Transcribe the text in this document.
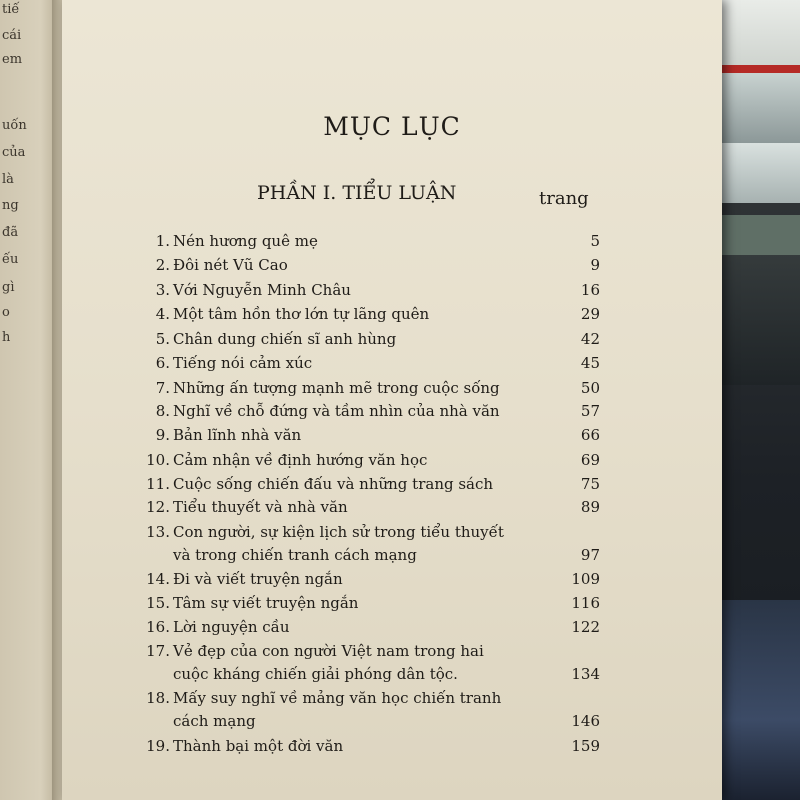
tiế
cái
em
uốn
của
là
ng
đã
ếu
gì
o
h
MỤC LỤC
PHẦN I. TIỂU LUẬN	trang
1. Nén hương quê mẹ	5
2. Đôi nét Vũ Cao	9
3. Với Nguyễn Minh Châu	16
4. Một tâm hồn thơ lớn tự lãng quên	29
5. Chân dung chiến sĩ anh hùng	42
6. Tiếng nói cảm xúc	45
7. Những ấn tượng mạnh mẽ trong cuộc sống	50
8. Nghĩ về chỗ đứng và tầm nhìn của nhà văn	57
9. Bản lĩnh nhà văn	66
10. Cảm nhận về định hướng văn học	69
11. Cuộc sống chiến đấu và những trang sách	75
12. Tiểu thuyết và nhà văn	89
13. Con người, sự kiện lịch sử trong tiểu thuyết
và trong chiến tranh cách mạng	97
14. Đi và viết truyện ngắn	109
15. Tâm sự viết truyện ngắn	116
16. Lời nguyện cầu	122
17. Vẻ đẹp của con người Việt nam trong hai
cuộc kháng chiến giải phóng dân tộc.	134
18. Mấy suy nghĩ về mảng văn học chiến tranh
cách mạng	146
19. Thành bại một đời văn	159
